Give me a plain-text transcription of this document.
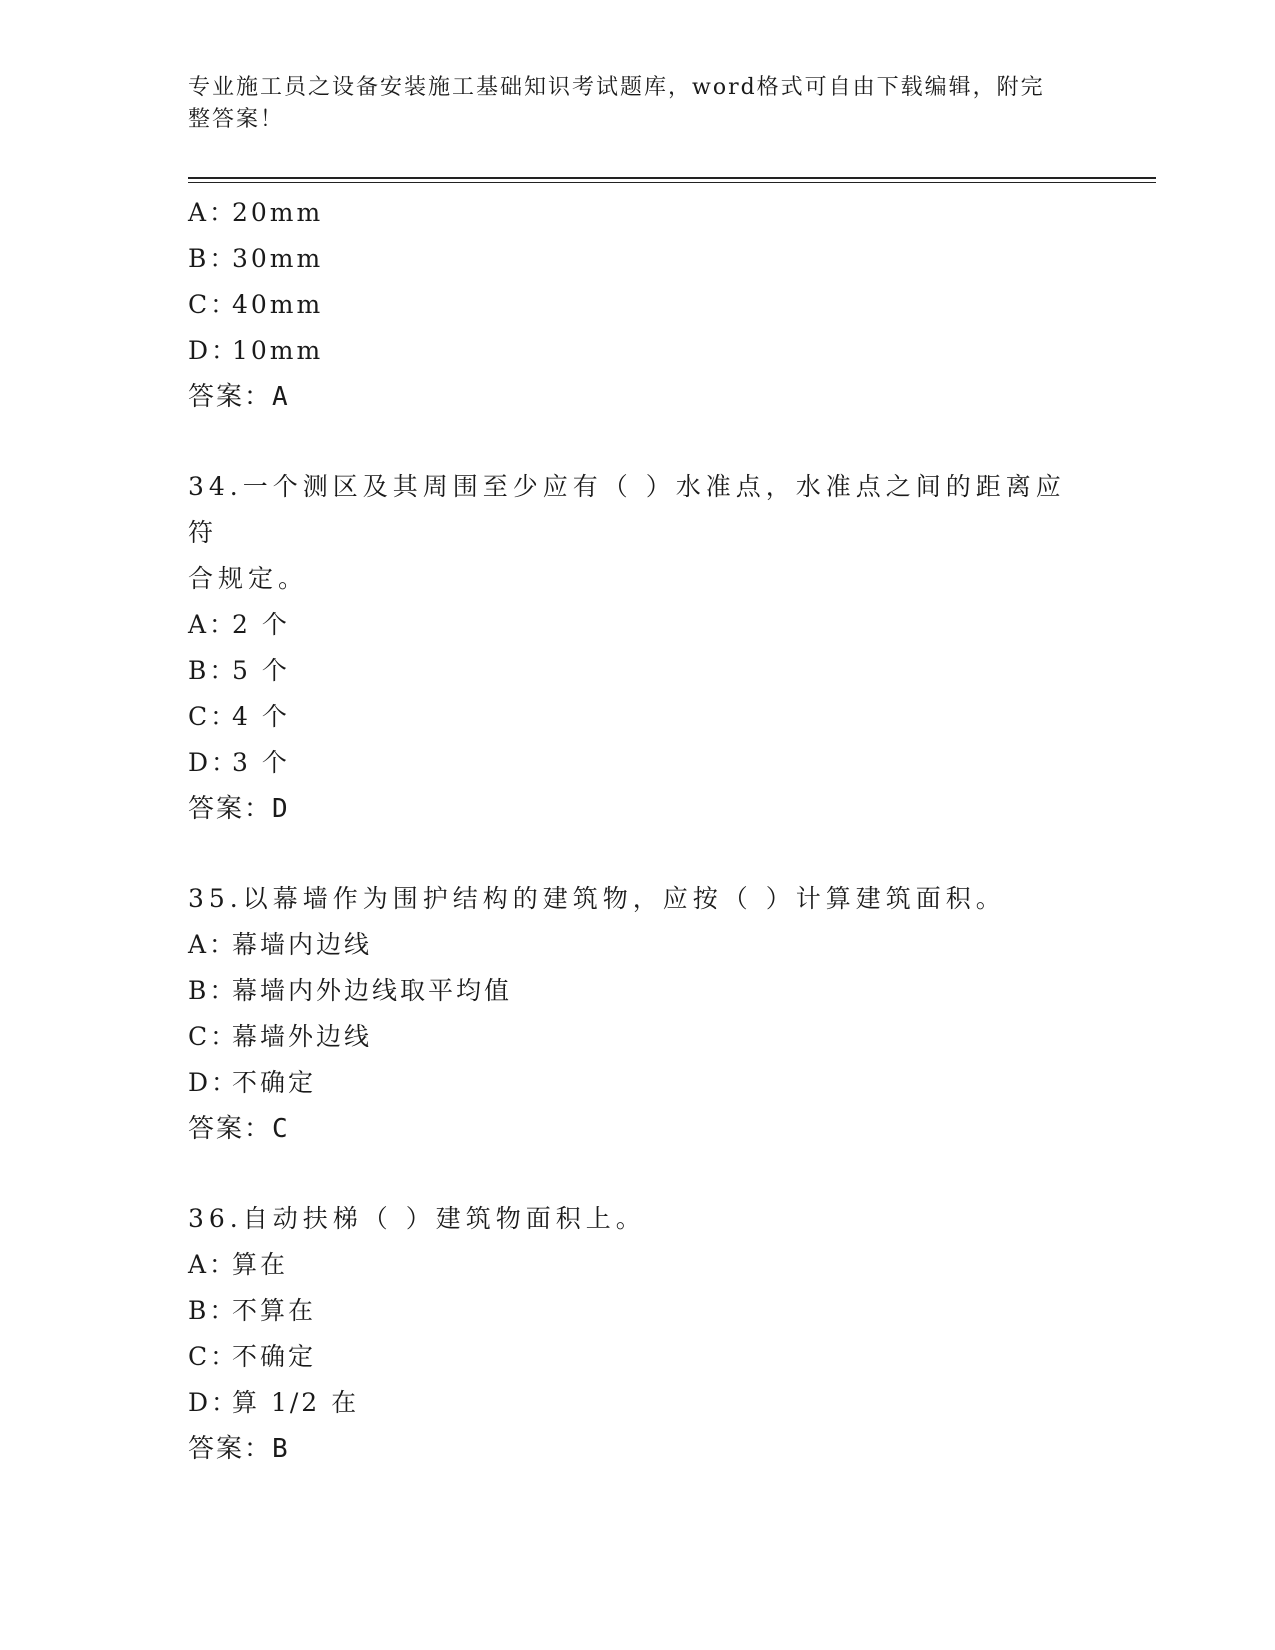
专业施工员之设备安装施工基础知识考试题库，word格式可自由下载编辑，附完整答案！
A：20mm
B：30mm
C：40mm
D：10mm
答案：A
34.一个测区及其周围至少应有（ ）水准点，水准点之间的距离应符
合规定。
A：2 个
B：5 个
C：4 个
D：3 个
答案：D
35.以幕墙作为围护结构的建筑物，应按（ ）计算建筑面积。
A：幕墙内边线
B：幕墙内外边线取平均值
C：幕墙外边线
D：不确定
答案：C
36.自动扶梯（ ）建筑物面积上。
A：算在
B：不算在
C：不确定
D：算 1/2 在
答案：B
